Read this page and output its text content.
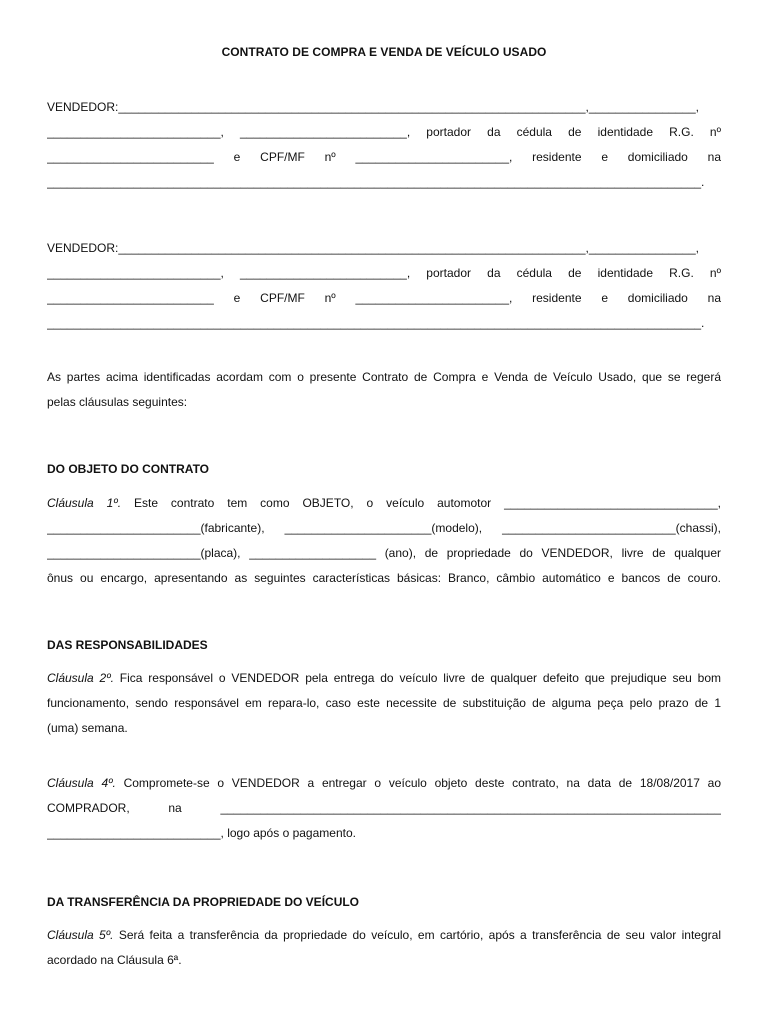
CONTRATO DE COMPRA E VENDA DE VEÍCULO USADO
VENDEDOR:______________________________________________________________________,________________,
__________________________, _________________________, portador da cédula de identidade R.G. nº
_________________________ e CPF/MF nº _______________________, residente e domiciliado na
__________________________________________________________________________________________________.
VENDEDOR:______________________________________________________________________,________________,
__________________________, _________________________, portador da cédula de identidade R.G. nº
_________________________ e CPF/MF nº _______________________, residente e domiciliado na
__________________________________________________________________________________________________.
As partes acima identificadas acordam com o presente Contrato de Compra e Venda de Veículo Usado, que se regerá
pelas cláusulas seguintes:
DO OBJETO DO CONTRATO
Cláusula 1º. Este contrato tem como OBJETO, o veículo automotor ________________________________,
_______________________(fabricante), ______________________(modelo), __________________________(chassi),
_______________________(placa), ___________________ (ano), de propriedade do VENDEDOR, livre de qualquer
ônus ou encargo, apresentando as seguintes características básicas: Branco, câmbio automático e bancos de couro.
DAS RESPONSABILIDADES
Cláusula 2º. Fica responsável o VENDEDOR pela entrega do veículo livre de qualquer defeito que prejudique seu bom
funcionamento, sendo responsável em repara-lo, caso este necessite de substituição de alguma peça pelo prazo de 1
(uma) semana.
Cláusula 4º. Compromete-se o VENDEDOR a entregar o veículo objeto deste contrato, na data de 18/08/2017 ao
COMPRADOR, na ___________________________________________________________________________
__________________________, logo após o pagamento.
DA TRANSFERÊNCIA DA PROPRIEDADE DO VEÍCULO
Cláusula 5º. Será feita a transferência da propriedade do veículo, em cartório, após a transferência de seu valor integral
acordado na Cláusula 6ª.
